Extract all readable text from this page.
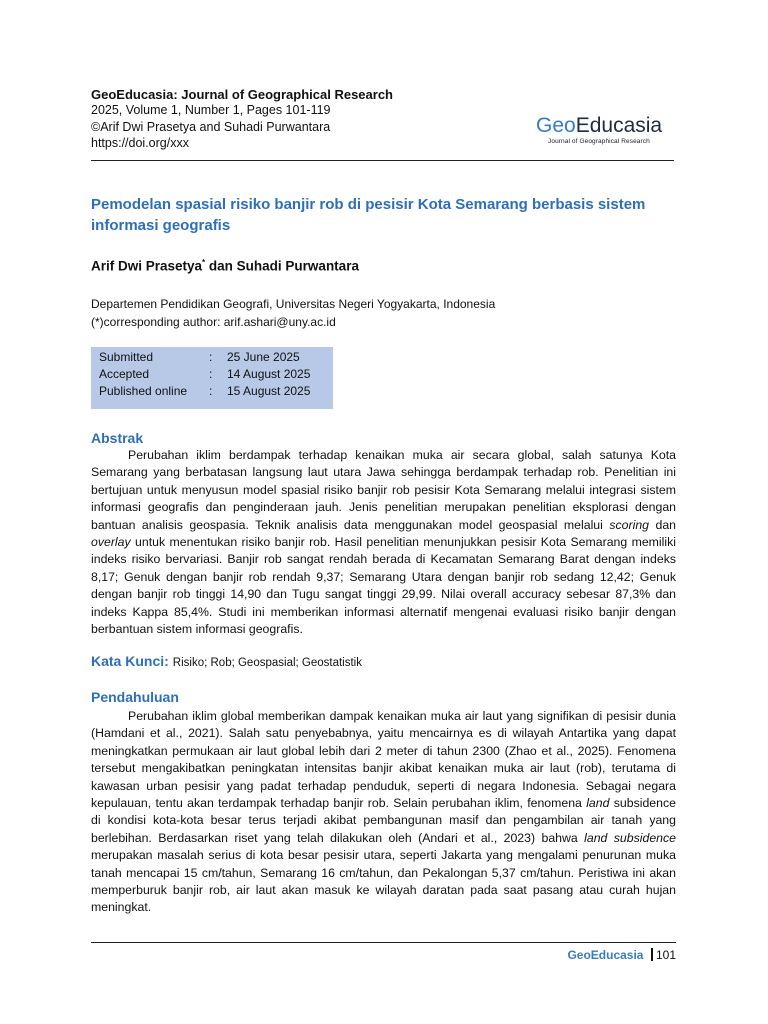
GeoEducasia: Journal of Geographical Research
2025, Volume 1, Number 1, Pages 101-119
©Arif Dwi Prasetya and Suhadi Purwantara
https://doi.org/xxx
GeoEducasia
Journal of Geographical Research
Pemodelan spasial risiko banjir rob di pesisir Kota Semarang berbasis sistem informasi geografis
Arif Dwi Prasetya* dan Suhadi Purwantara
Departemen Pendidikan Geografi, Universitas Negeri Yogyakarta, Indonesia
(*)corresponding author: arif.ashari@uny.ac.id
Submitted	: 25 June 2025
Accepted	: 14 August 2025
Published online	: 15 August 2025
Abstrak
Perubahan iklim berdampak terhadap kenaikan muka air secara global, salah satunya Kota Semarang yang berbatasan langsung laut utara Jawa sehingga berdampak terhadap rob. Penelitian ini bertujuan untuk menyusun model spasial risiko banjir rob pesisir Kota Semarang melalui integrasi sistem informasi geografis dan penginderaan jauh. Jenis penelitian merupakan penelitian eksplorasi dengan bantuan analisis geospasia. Teknik analisis data menggunakan model geospasial melalui scoring dan overlay untuk menentukan risiko banjir rob. Hasil penelitian menunjukkan pesisir Kota Semarang memiliki indeks risiko bervariasi. Banjir rob sangat rendah berada di Kecamatan Semarang Barat dengan indeks 8,17; Genuk dengan banjir rob rendah 9,37; Semarang Utara dengan banjir rob sedang 12,42; Genuk dengan banjir rob tinggi 14,90 dan Tugu sangat tinggi 29,99. Nilai overall accuracy sebesar 87,3% dan indeks Kappa 85,4%. Studi ini memberikan informasi alternatif mengenai evaluasi risiko banjir dengan berbantuan sistem informasi geografis.
Kata Kunci: Risiko; Rob; Geospasial; Geostatistik
Pendahuluan
Perubahan iklim global memberikan dampak kenaikan muka air laut yang signifikan di pesisir dunia (Hamdani et al., 2021). Salah satu penyebabnya, yaitu mencairnya es di wilayah Antartika yang dapat meningkatkan permukaan air laut global lebih dari 2 meter di tahun 2300 (Zhao et al., 2025). Fenomena tersebut mengakibatkan peningkatan intensitas banjir akibat kenaikan muka air laut (rob), terutama di kawasan urban pesisir yang padat terhadap penduduk, seperti di negara Indonesia. Sebagai negara kepulauan, tentu akan terdampak terhadap banjir rob. Selain perubahan iklim, fenomena land subsidence di kondisi kota-kota besar terus terjadi akibat pembangunan masif dan pengambilan air tanah yang berlebihan. Berdasarkan riset yang telah dilakukan oleh (Andari et al., 2023) bahwa land subsidence merupakan masalah serius di kota besar pesisir utara, seperti Jakarta yang mengalami penurunan muka tanah mencapai 15 cm/tahun, Semarang 16 cm/tahun, dan Pekalongan 5,37 cm/tahun. Peristiwa ini akan memperburuk banjir rob, air laut akan masuk ke wilayah daratan pada saat pasang atau curah hujan meningkat.
GeoEducasia 101
